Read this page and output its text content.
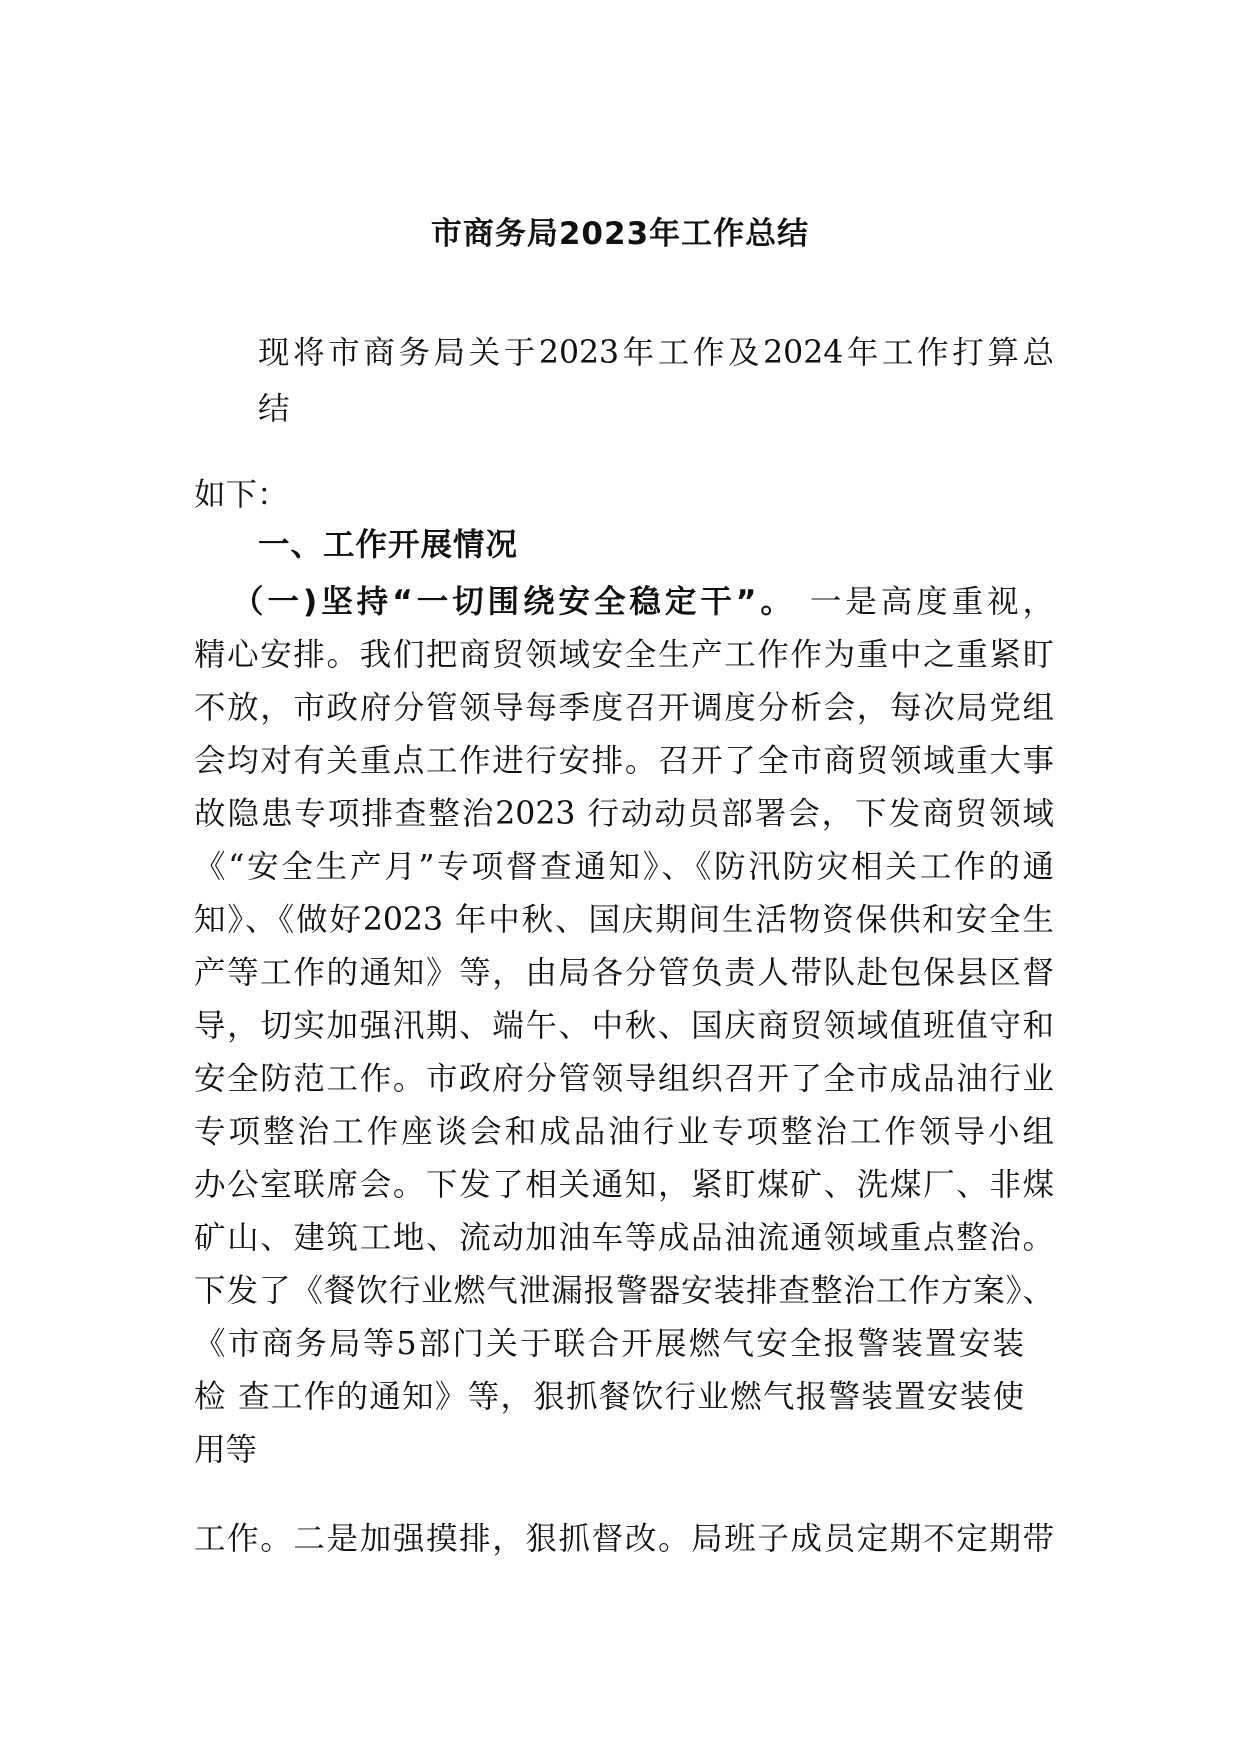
市商务局2023年工作总结
现将市商务局关于2023年工作及2024年工作打算总
结
如下：
一、工作开展情况
（一)坚持“一切围绕安全稳定干”。 一是高度重视，
精心安排。我们把商贸领域安全生产工作作为重中之重紧盯
不放，市政府分管领导每季度召开调度分析会，每次局党组
会均对有关重点工作进行安排。召开了全市商贸领域重大事
故隐患专项排查整治2023 行动动员部署会，下发商贸领域
《“安全生产月”专项督查通知》、《防汛防灾相关工作的通
知》、《做好2023 年中秋、国庆期间生活物资保供和安全生
产等工作的通知》等，由局各分管负责人带队赴包保县区督
导，切实加强汛期、端午、中秋、国庆商贸领域值班值守和
安全防范工作。市政府分管领导组织召开了全市成品油行业
专项整治工作座谈会和成品油行业专项整治工作领导小组
办公室联席会。下发了相关通知，紧盯煤矿、洗煤厂、非煤
矿山、建筑工地、流动加油车等成品油流通领域重点整治。
下发了《餐饮行业燃气泄漏报警器安装排查整治工作方案》、
《市商务局等5部门关于联合开展燃气安全报警装置安装
检 查工作的通知》等，狠抓餐饮行业燃气报警装置安装使
用等
工作。二是加强摸排，狠抓督改。局班子成员定期不定期带
